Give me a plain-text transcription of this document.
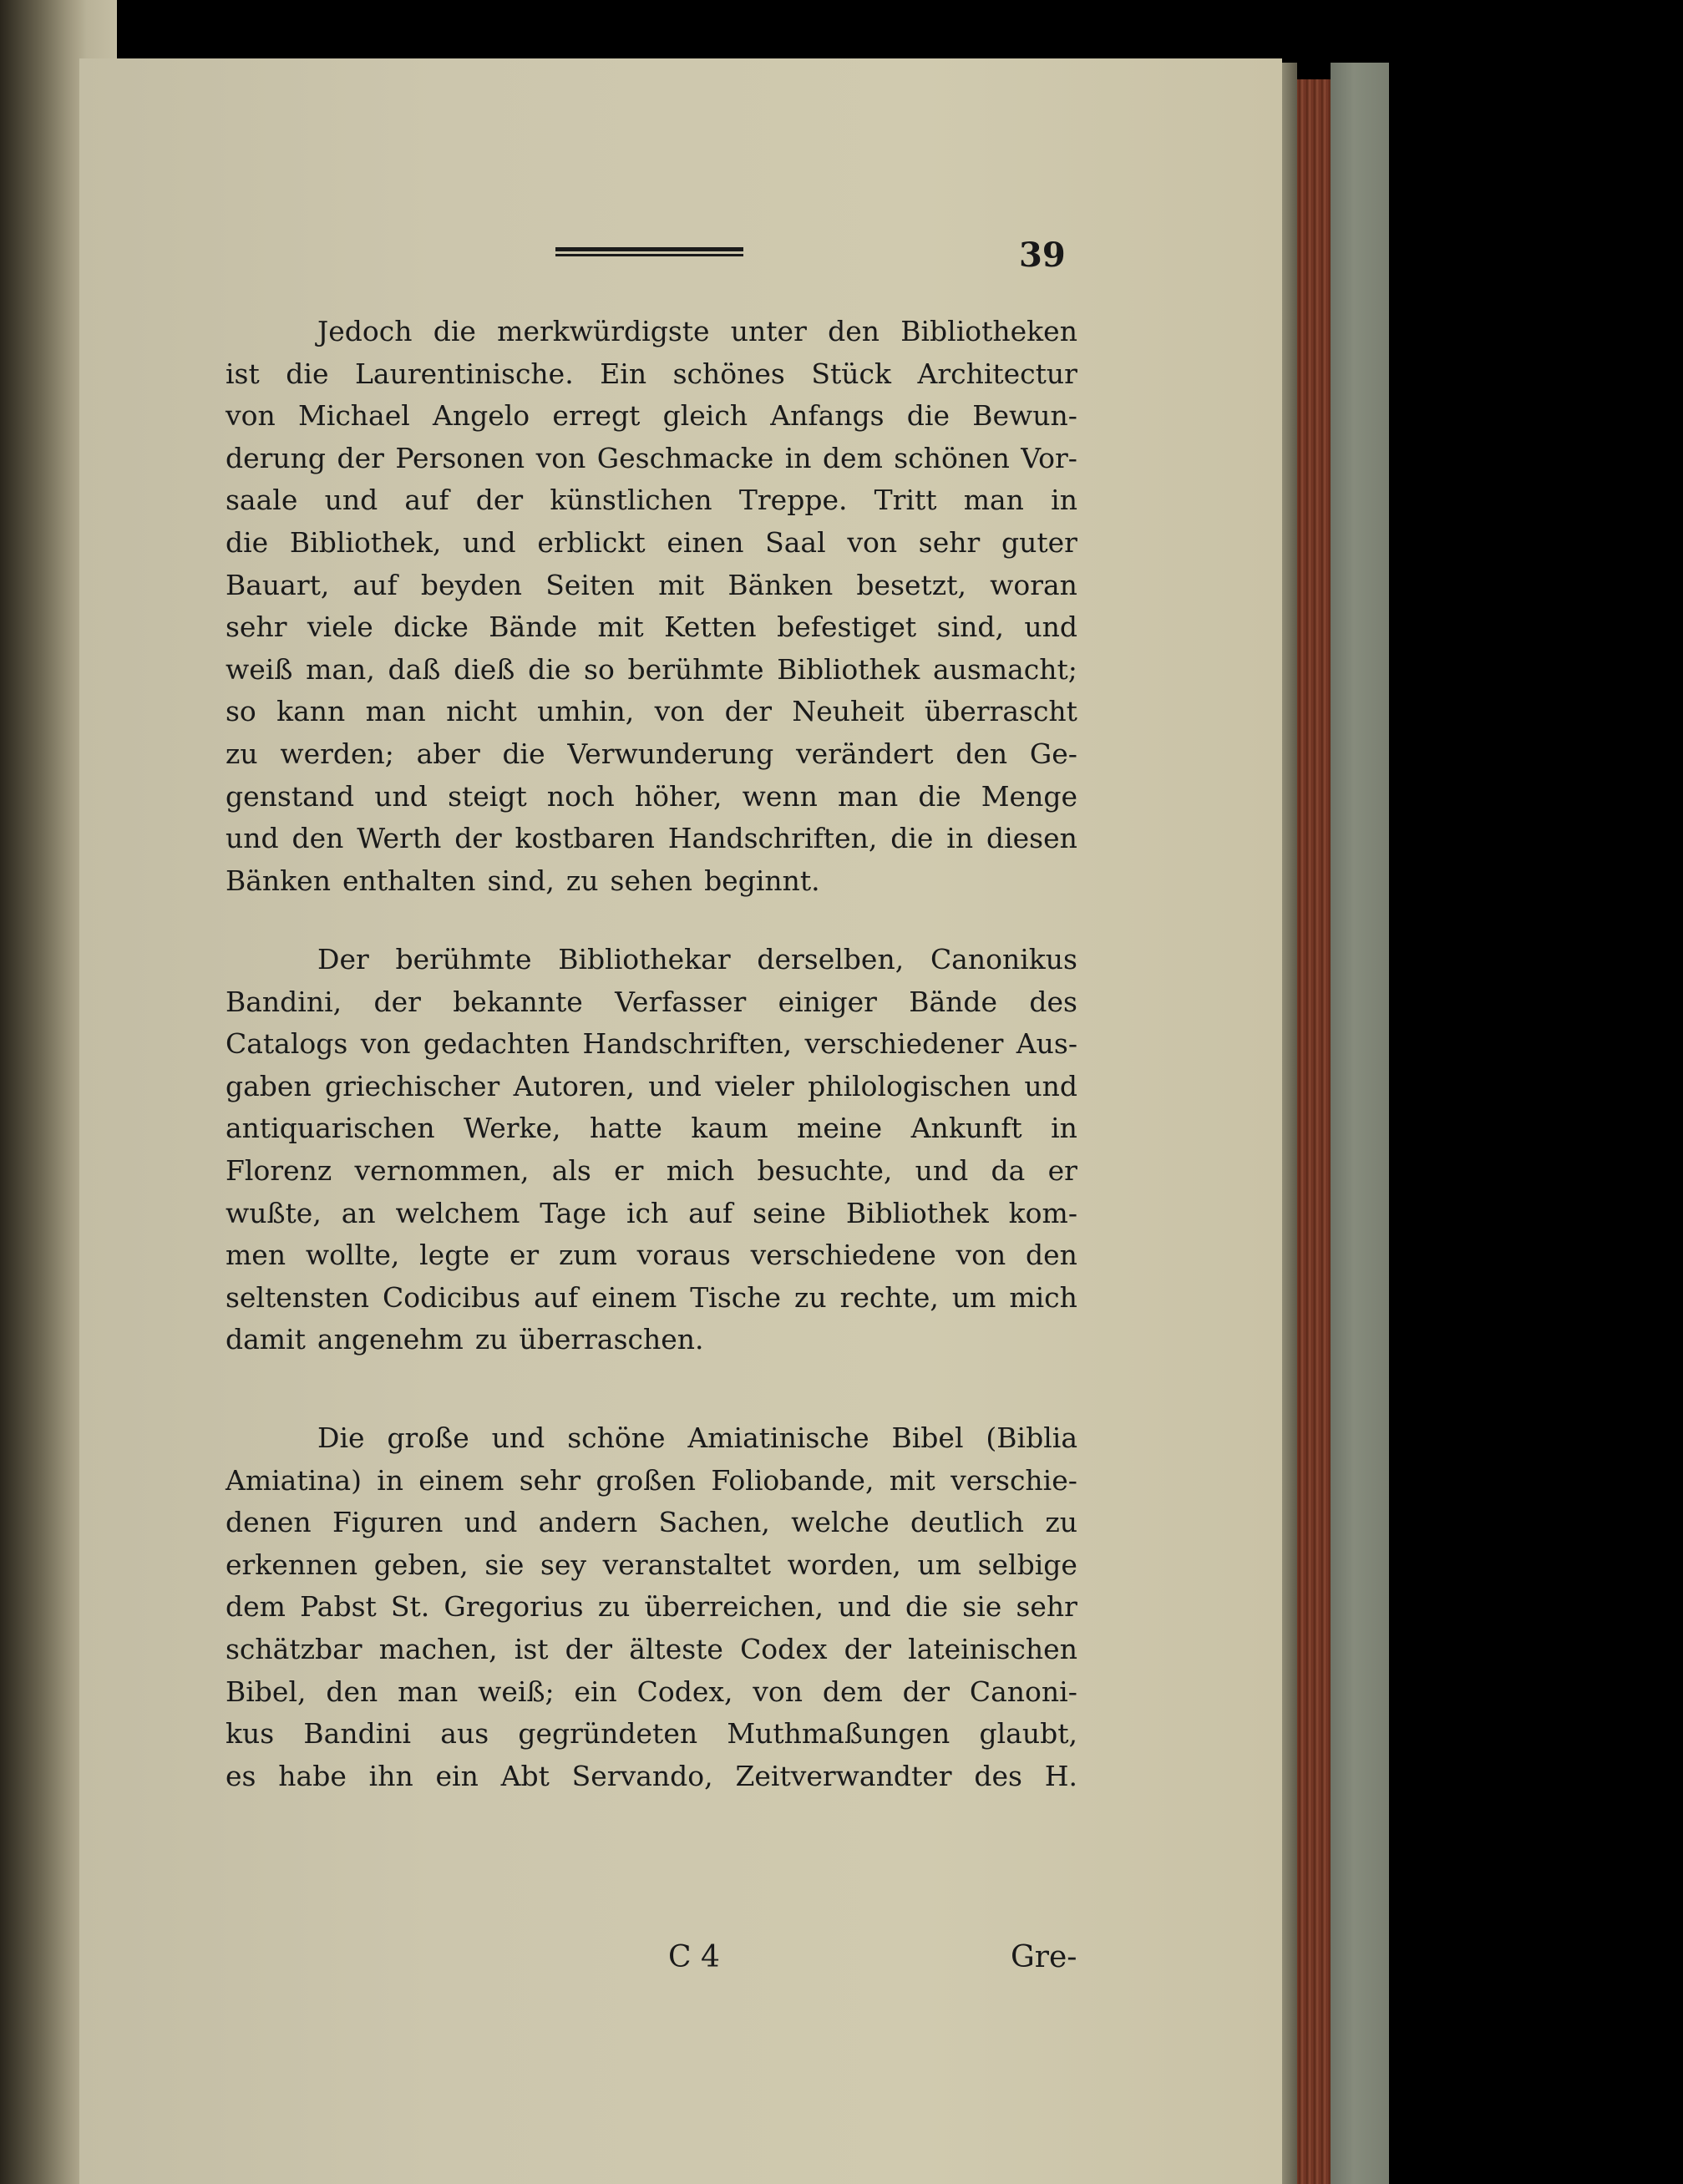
39
Jedoch die merkwürdigste unter den Bibliotheken
ist die Laurentinische. Ein schönes Stück Architectur
von Michael Angelo erregt gleich Anfangs die Bewun-
derung der Personen von Geschmacke in dem schönen Vor-
saale und auf der künstlichen Treppe. Tritt man in
die Bibliothek, und erblickt einen Saal von sehr guter
Bauart, auf beyden Seiten mit Bänken besetzt, woran
sehr viele dicke Bände mit Ketten befestiget sind, und
weiß man, daß dieß die so berühmte Bibliothek ausmacht;
so kann man nicht umhin, von der Neuheit überrascht
zu werden; aber die Verwunderung verändert den Ge-
genstand und steigt noch höher, wenn man die Menge
und den Werth der kostbaren Handschriften, die in diesen
Bänken enthalten sind, zu sehen beginnt.
Der berühmte Bibliothekar derselben, Canonikus
Bandini, der bekannte Verfasser einiger Bände des
Catalogs von gedachten Handschriften, verschiedener Aus-
gaben griechischer Autoren, und vieler philologischen und
antiquarischen Werke, hatte kaum meine Ankunft in
Florenz vernommen, als er mich besuchte, und da er
wußte, an welchem Tage ich auf seine Bibliothek kom-
men wollte, legte er zum voraus verschiedene von den
seltensten Codicibus auf einem Tische zu rechte, um mich
damit angenehm zu überraschen.
Die große und schöne Amiatinische Bibel (Biblia
Amiatina) in einem sehr großen Foliobande, mit verschie-
denen Figuren und andern Sachen, welche deutlich zu
erkennen geben, sie sey veranstaltet worden, um selbige
dem Pabst St. Gregorius zu überreichen, und die sie sehr
schätzbar machen, ist der älteste Codex der lateinischen
Bibel, den man weiß; ein Codex, von dem der Canoni-
kus Bandini aus gegründeten Muthmaßungen glaubt,
es habe ihn ein Abt Servando, Zeitverwandter des H.
C 4	Gre-
